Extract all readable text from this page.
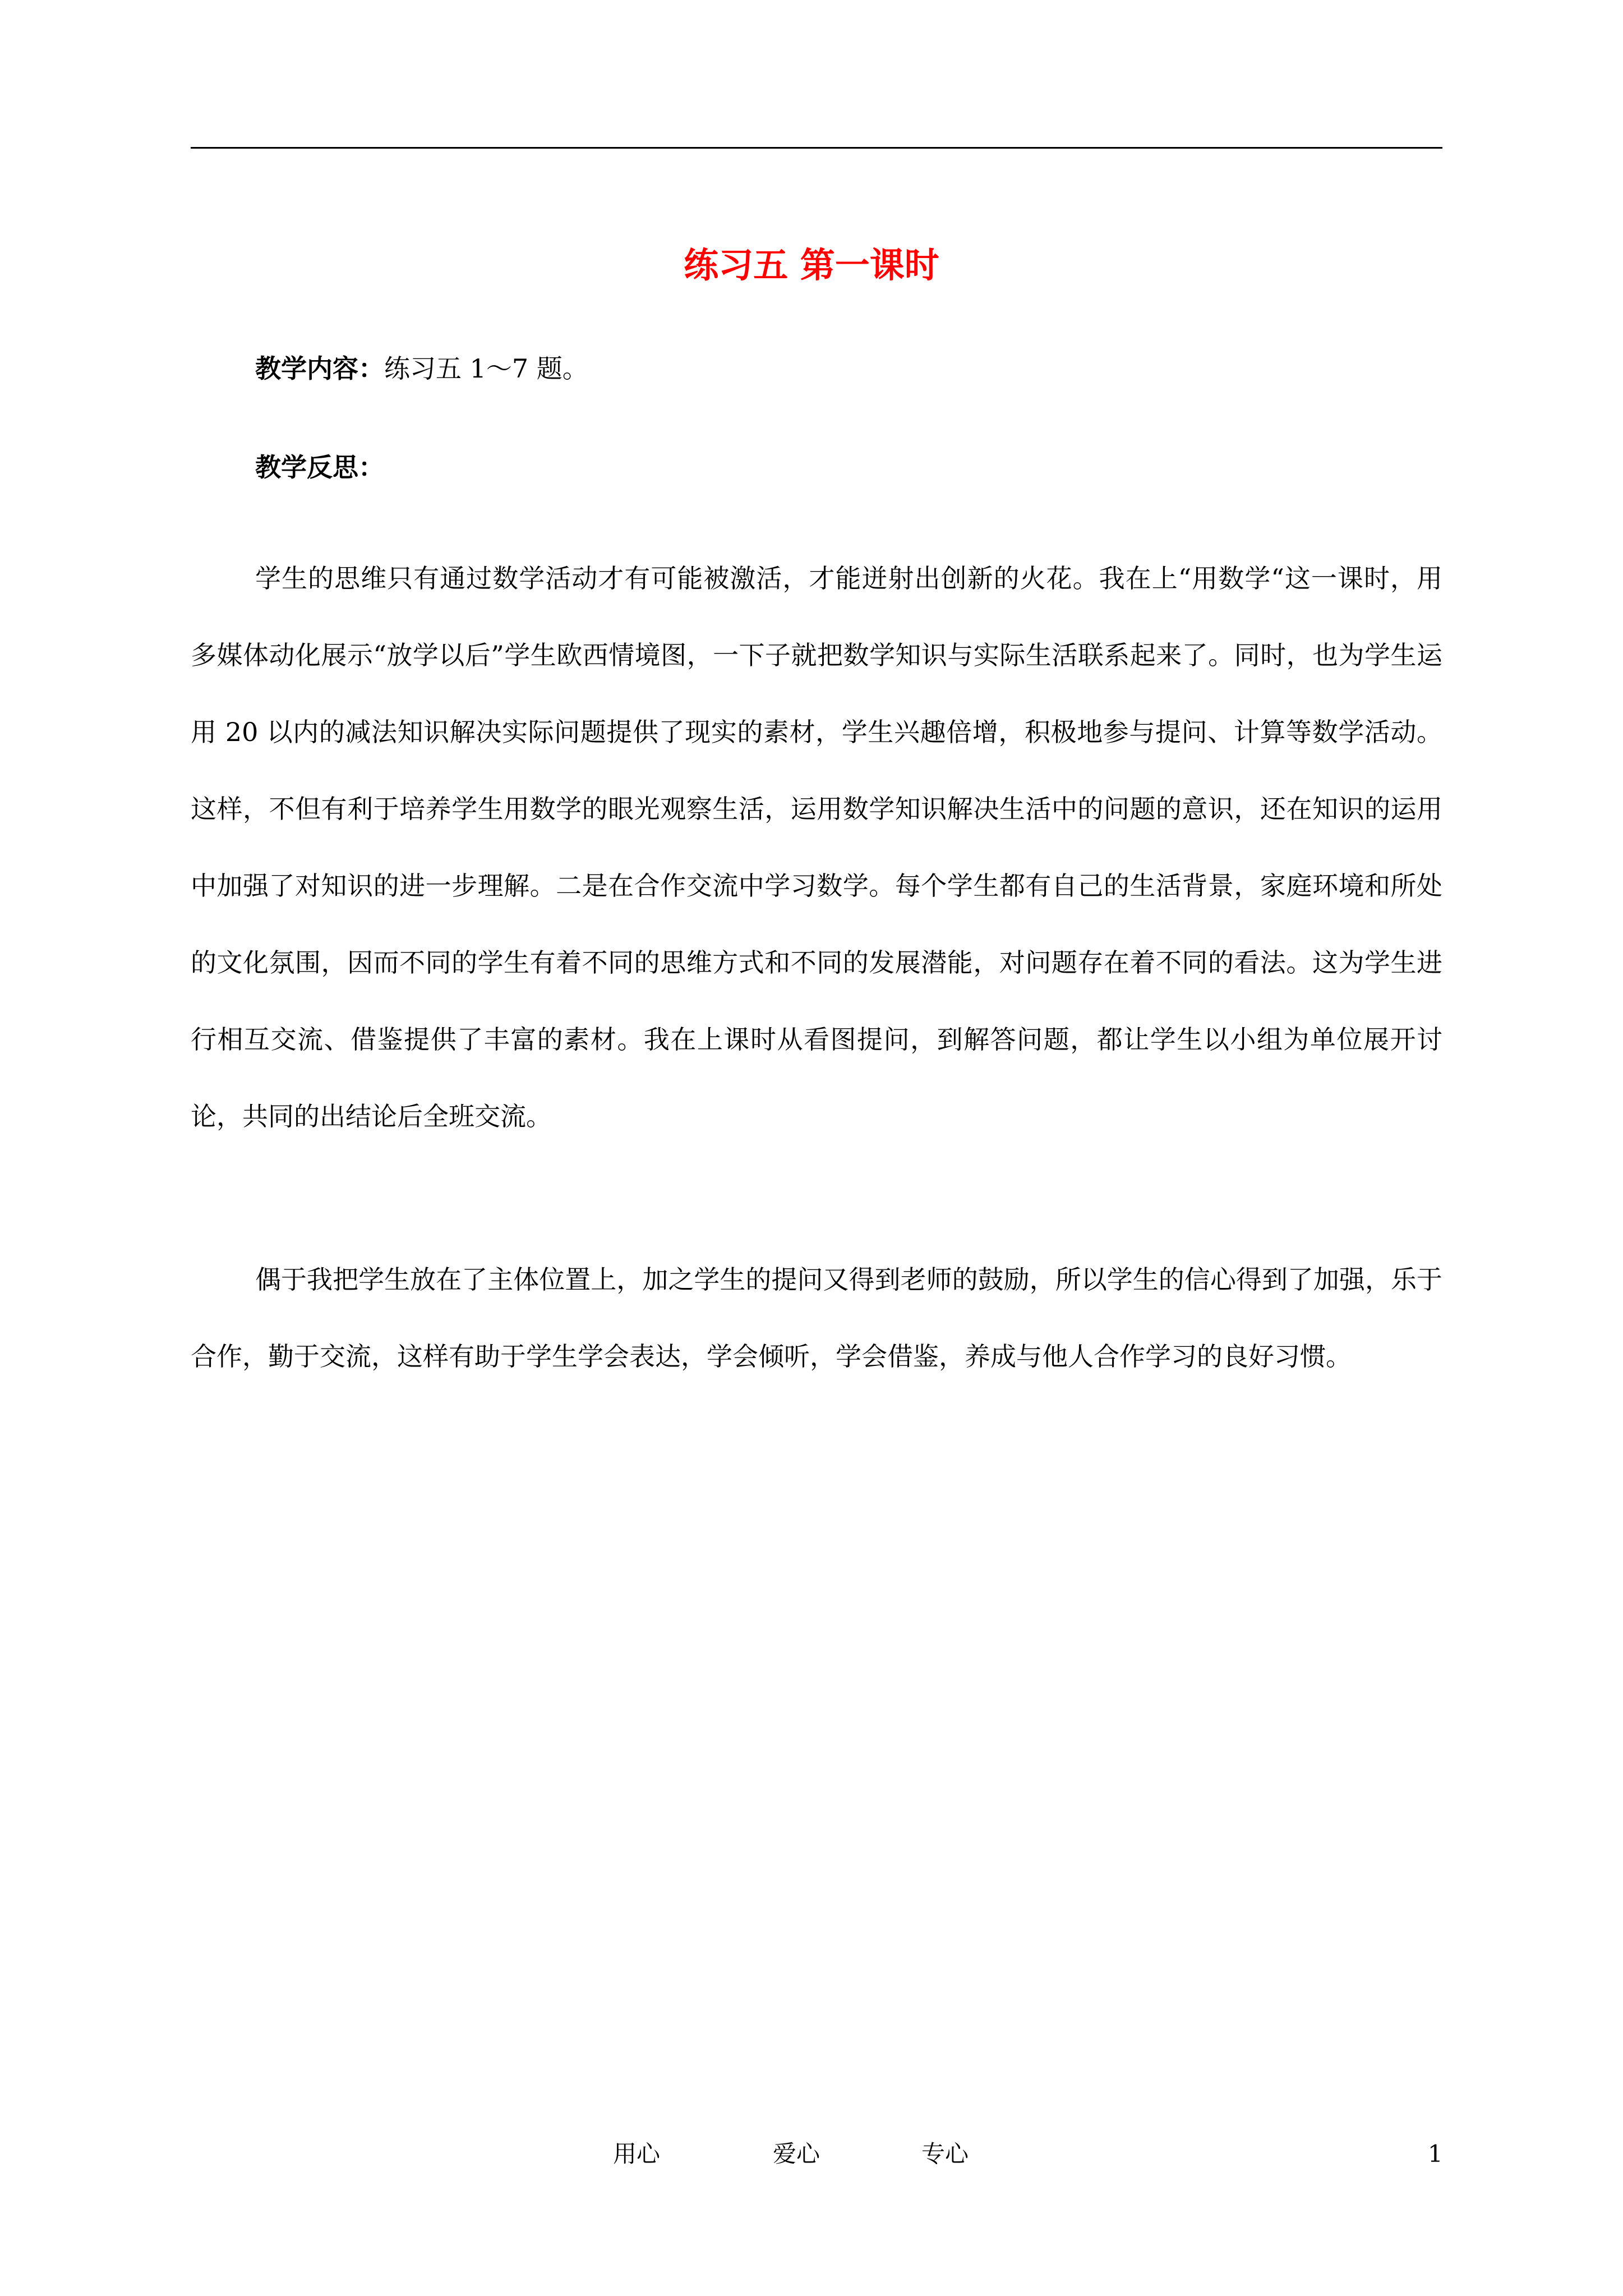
练习五 第一课时
教学内容：练习五 1～7 题。
教学反思：

学生的思维只有通过数学活动才有可能被激活，才能迸射出创新的火花。我在上“用数学“这一课时，用多媒体动化展示“放学以后”学生欧西情境图，一下子就把数学知识与实际生活联系起来了。同时，也为学生运用 20 以内的减法知识解决实际问题提供了现实的素材，学生兴趣倍增，积极地参与提问、计算等数学活动。这样，不但有利于培养学生用数学的眼光观察生活，运用数学知识解决生活中的问题的意识，还在知识的运用中加强了对知识的进一步理解。二是在合作交流中学习数学。每个学生都有自己的生活背景，家庭环境和所处的文化氛围，因而不同的学生有着不同的思维方式和不同的发展潜能，对问题存在着不同的看法。这为学生进行相互交流、借鉴提供了丰富的素材。我在上课时从看图提问，到解答问题，都让学生以小组为单位展开讨论，共同的出结论后全班交流。

偶于我把学生放在了主体位置上，加之学生的提问又得到老师的鼓励，所以学生的信心得到了加强，乐于合作，勤于交流，这样有助于学生学会表达，学会倾听，学会借鉴，养成与他人合作学习的良好习惯。

用心	爱心	专心	1
